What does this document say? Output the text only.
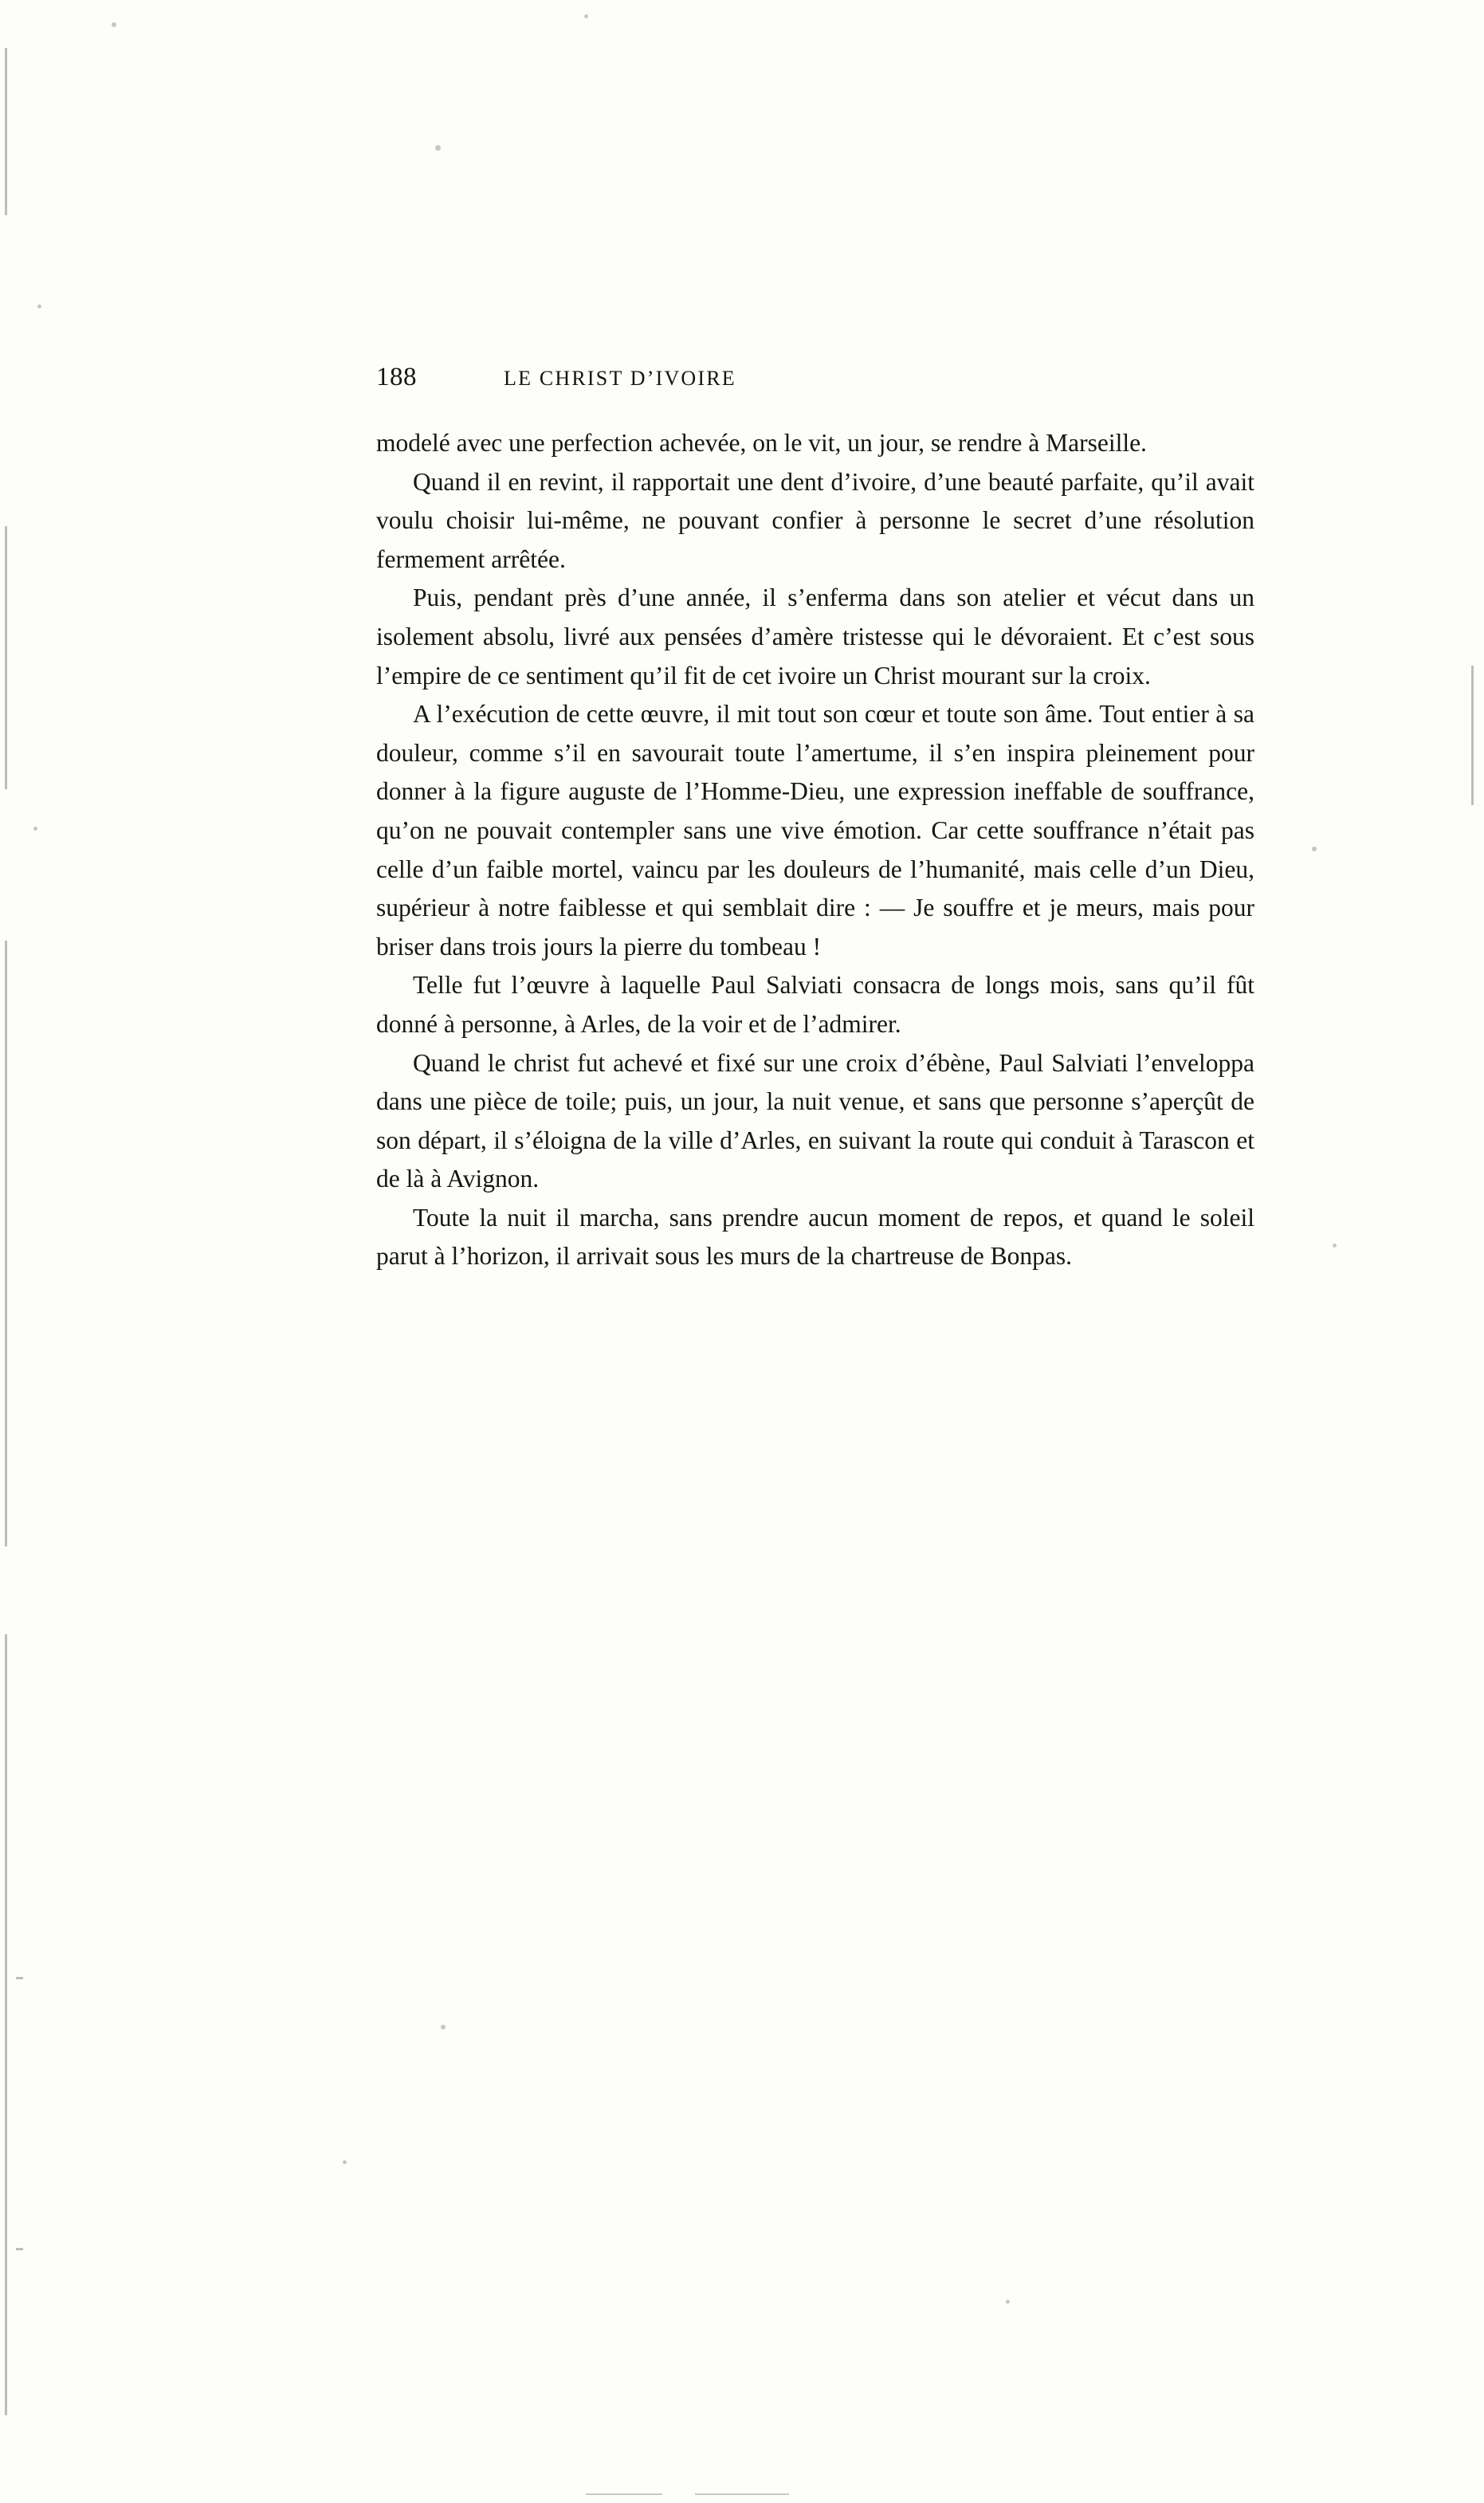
188	LE CHRIST D’IVOIRE

modelé avec une perfection achevée, on le vit, un jour, se rendre à Marseille.

Quand il en revint, il rapportait une dent d’ivoire, d’une beauté parfaite, qu’il avait voulu choisir lui-même, ne pouvant confier à personne le secret d’une résolution fermement arrêtée.

Puis, pendant près d’une année, il s’enferma dans son atelier et vécut dans un isolement absolu, livré aux pensées d’amère tristesse qui le dévoraient. Et c’est sous l’empire de ce sentiment qu’il fit de cet ivoire un Christ mourant sur la croix.

A l’exécution de cette œuvre, il mit tout son cœur et toute son âme. Tout entier à sa douleur, comme s’il en savourait toute l’amertume, il s’en inspira pleinement pour donner à la figure auguste de l’Homme-Dieu, une expression ineffable de souffrance, qu’on ne pouvait contempler sans une vive émotion. Car cette souffrance n’était pas celle d’un faible mortel, vaincu par les douleurs de l’humanité, mais celle d’un Dieu, supérieur à notre faiblesse et qui semblait dire : — Je souffre et je meurs, mais pour briser dans trois jours la pierre du tombeau !

Telle fut l’œuvre à laquelle Paul Salviati consacra de longs mois, sans qu’il fût donné à personne, à Arles, de la voir et de l’admirer.

Quand le christ fut achevé et fixé sur une croix d’ébène, Paul Salviati l’enveloppa dans une pièce de toile; puis, un jour, la nuit venue, et sans que personne s’aperçût de son départ, il s’éloigna de la ville d’Arles, en suivant la route qui conduit à Tarascon et de là à Avignon.

Toute la nuit il marcha, sans prendre aucun moment de repos, et quand le soleil parut à l’horizon, il arrivait sous les murs de la chartreuse de Bonpas.
